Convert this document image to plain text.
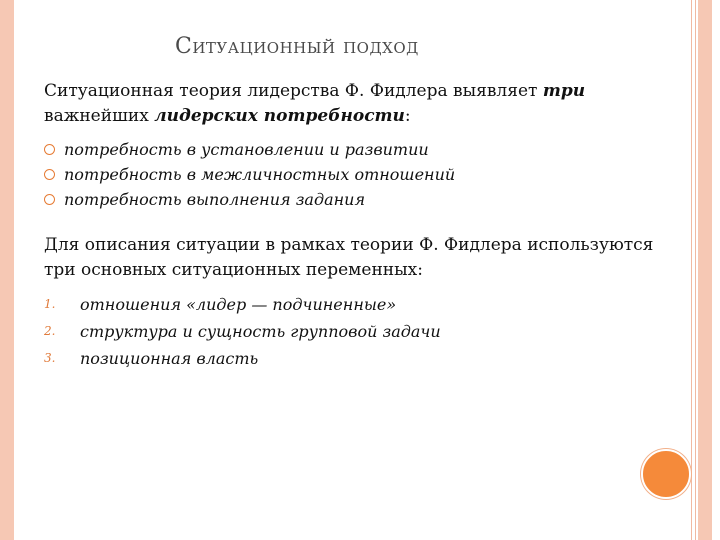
Ситуационный подход
Ситуационная теория лидерства Ф. Фидлера выявляет три важнейших лидерских потребности:
потребность в установлении и развитии
потребность в межличностных отношений
потребность выполнения задания
Для описания ситуации в рамках теории Ф. Фидлера используются три основных ситуационных переменных:
1. отношения «лидер — подчиненные»
2. структура и сущность групповой задачи
3. позиционная власть
